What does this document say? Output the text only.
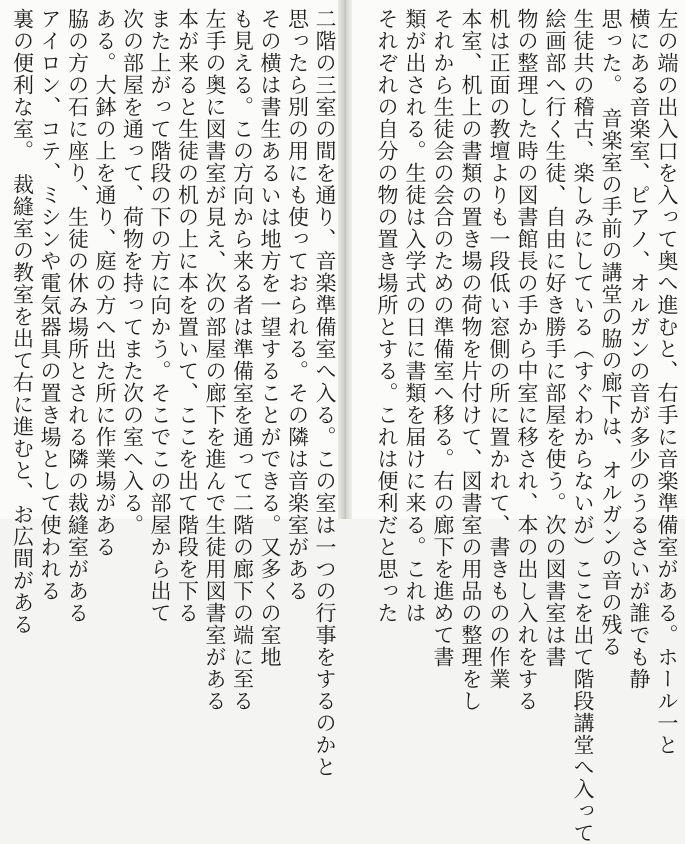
左の端の出入口を入って奥へ進むと、右手に音楽準備室がある。ホール一と
横にある音楽室、ピアノ、オルガンの音が多少のうるさいが誰でも静
思った。　音楽室の手前の講堂の脇の廊下は、オルガンの音の残る
生徒共の稽古、楽しみにしている（すぐわからないが）ここを出て階段講堂へ入って
絵画部へ行く生徒、自由に好き勝手に部屋を使う。次の図書室は書
物の整理した時の図書館長の手から中室に移され、本の出し入れをする
机は正面の教壇よりも一段低い窓側の所に置かれて、書きものの作業
本室、机上の書類の置き場の荷物を片付けて、図書室の用品の整理をし
それから生徒会の会合のための準備室へ移る。右の廊下を進めて書
類が出される。生徒は入学式の日に書類を届けに来る。これは
それぞれの自分の物の置き場所とする。これは便利だと思った
二階の三室の間を通り、音楽準備室へ入る。この室は一つの行事をするのかと
思ったら別の用にも使っておられる。その隣は音楽室がある
その横は書生あるいは地方を一望することができる。又多くの室地
も見える。この方向から来る者は準備室を通って二階の廊下の端に至る
左手の奥に図書室が見え、次の部屋の廊下を進んで生徒用図書室がある
本が来ると生徒の机の上に本を置いて、ここを出て階段を下る
また上がって階段の下の方に向かう。そこでこの部屋から出て
次の部屋を通って、荷物を持ってまた次の室へ入る。
ある。大鉢の上を通り、庭の方へ出た所に作業場がある
脇の方の石に座り、生徒の休み場所とされる隣の裁縫室がある
アイロン、コテ、ミシンや電気器具の置き場として使われる
裏の便利な室。　裁縫室の教室を出て右に進むと、お広間がある
